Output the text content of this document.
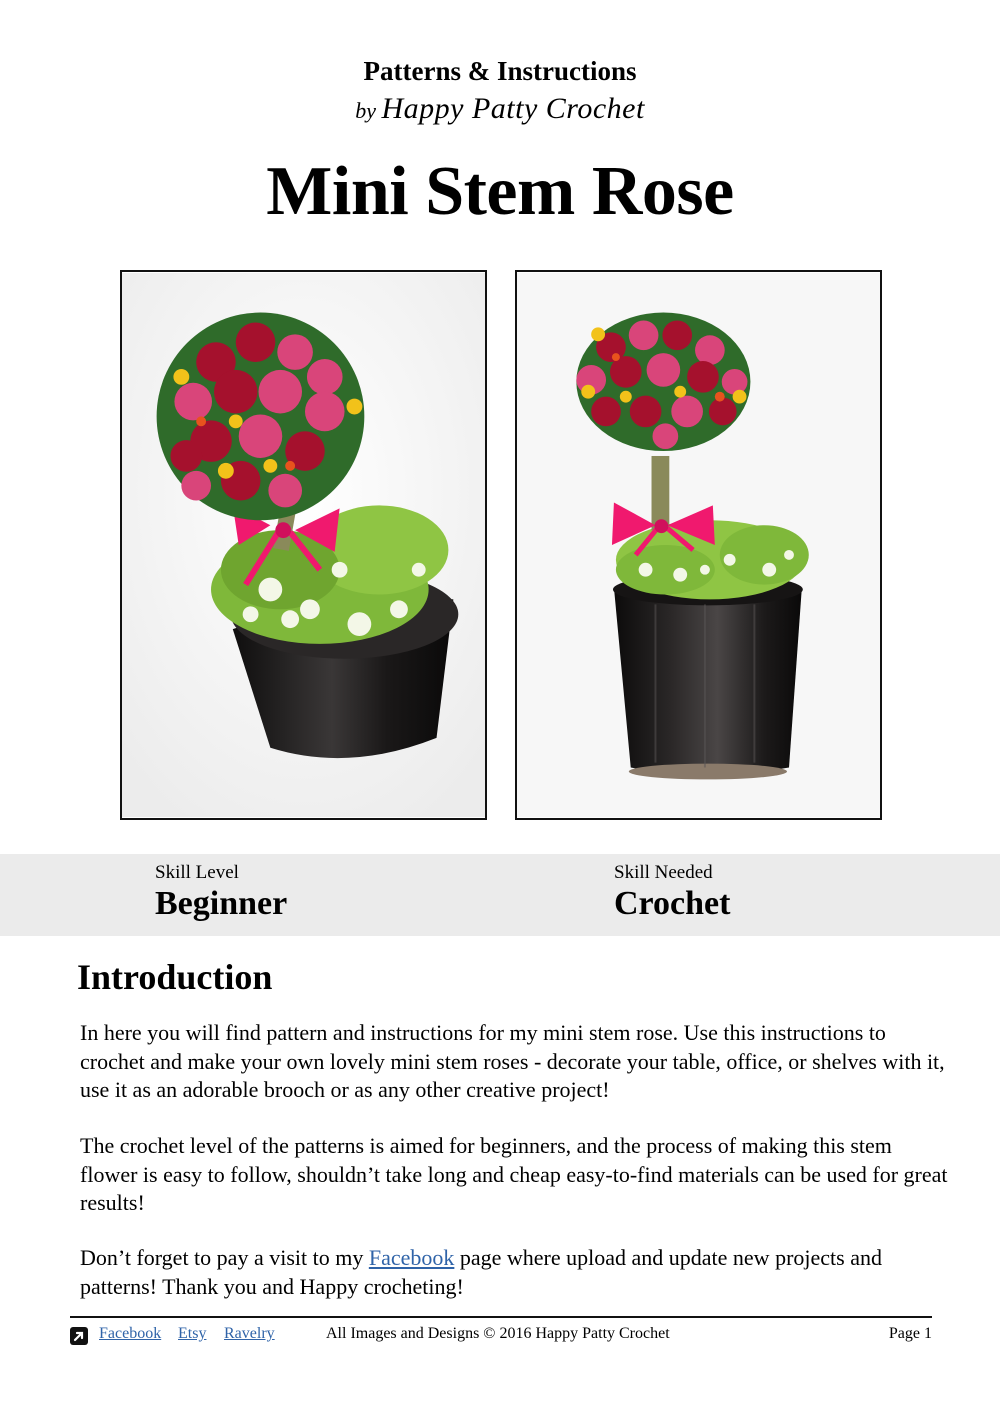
Patterns & Instructions
by Happy Patty Crochet
Mini Stem Rose
Skill Level
Beginner
Skill Needed
Crochet
Introduction

In here you will find pattern and instructions for my mini stem rose. Use this instructions to crochet and make your own lovely mini stem roses - decorate your table, office, or shelves with it, use it as an adorable brooch or as any other creative project!

The crochet level of the patterns is aimed for beginners, and the process of making this stem flower is easy to follow, shouldn’t take long and cheap easy-to-find materials can be used for great results!

Don’t forget to pay a visit to my Facebook page where upload and update new projects and patterns! Thank you and Happy crocheting!

Facebook Etsy Ravelry	All Images and Designs © 2016 Happy Patty Crochet	Page 1
